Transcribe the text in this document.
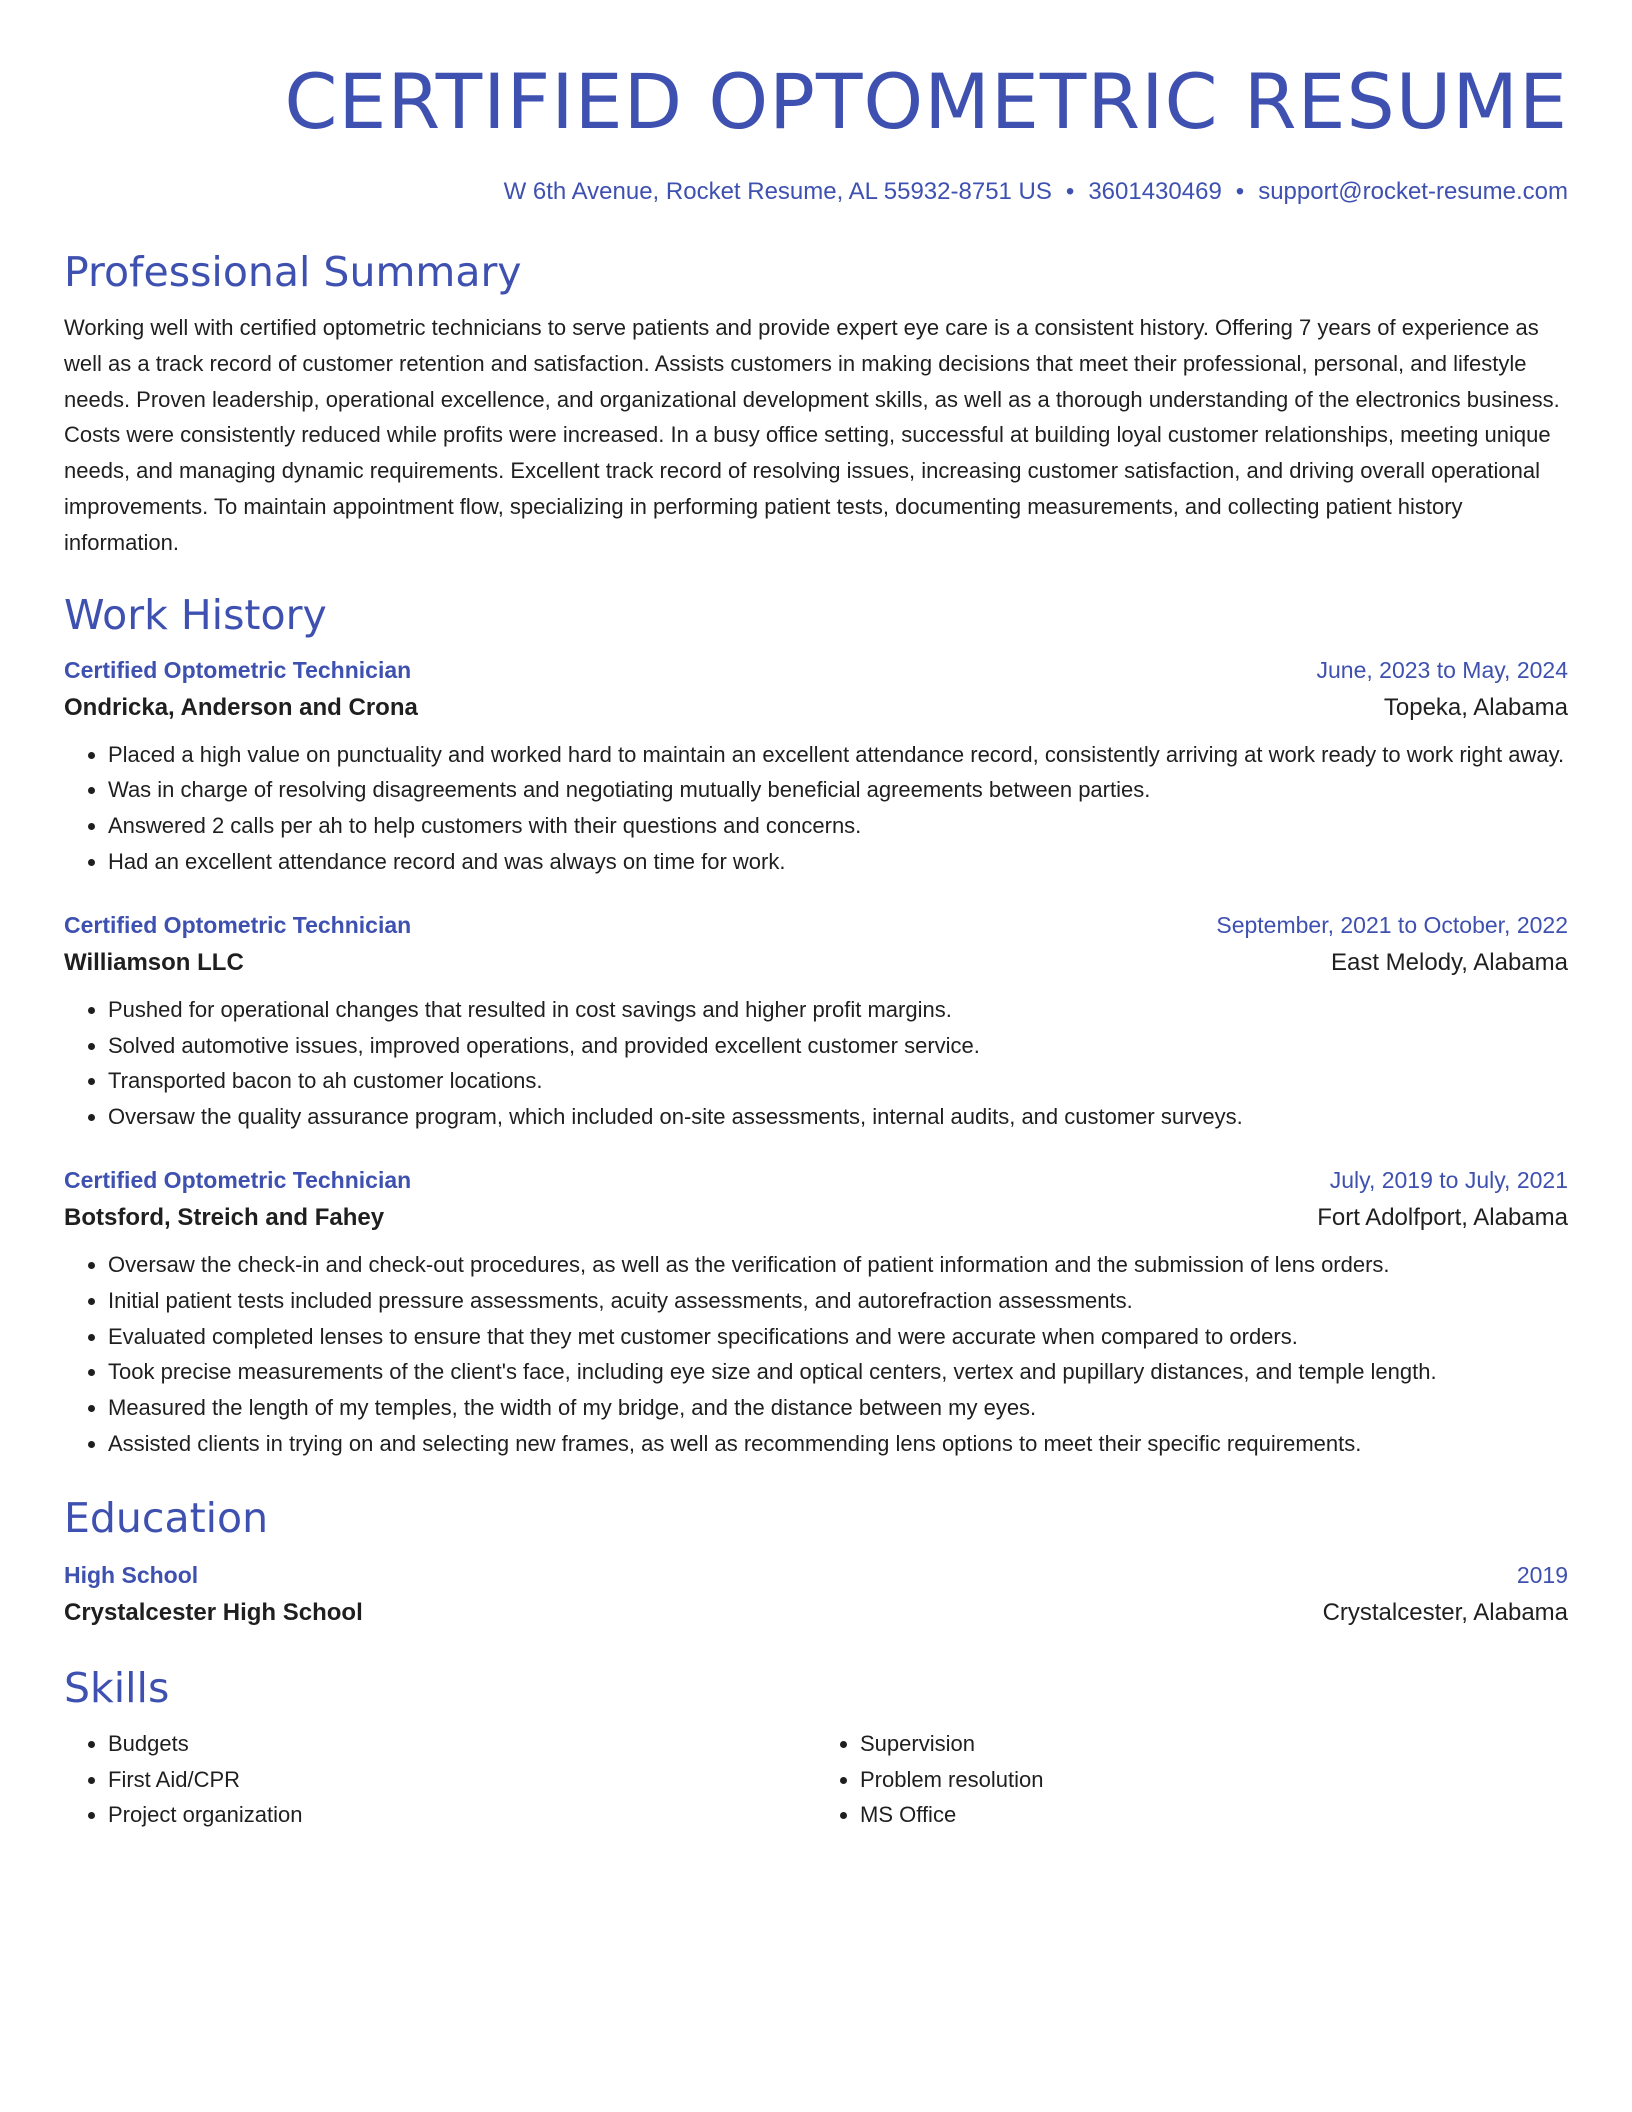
CERTIFIED OPTOMETRIC RESUME
W 6th Avenue, Rocket Resume, AL 55932-8751 US • 3601430469 • support@rocket-resume.com
Professional Summary
Working well with certified optometric technicians to serve patients and provide expert eye care is a consistent history. Offering 7 years of experience as well as a track record of customer retention and satisfaction. Assists customers in making decisions that meet their professional, personal, and lifestyle needs. Proven leadership, operational excellence, and organizational development skills, as well as a thorough understanding of the electronics business. Costs were consistently reduced while profits were increased. In a busy office setting, successful at building loyal customer relationships, meeting unique needs, and managing dynamic requirements. Excellent track record of resolving issues, increasing customer satisfaction, and driving overall operational improvements. To maintain appointment flow, specializing in performing patient tests, documenting measurements, and collecting patient history information.
Work History
Certified Optometric Technician	June, 2023 to May, 2024
Ondricka, Anderson and Crona	Topeka, Alabama
• Placed a high value on punctuality and worked hard to maintain an excellent attendance record, consistently arriving at work ready to work right away.
• Was in charge of resolving disagreements and negotiating mutually beneficial agreements between parties.
• Answered 2 calls per ah to help customers with their questions and concerns.
• Had an excellent attendance record and was always on time for work.
Certified Optometric Technician	September, 2021 to October, 2022
Williamson LLC	East Melody, Alabama
• Pushed for operational changes that resulted in cost savings and higher profit margins.
• Solved automotive issues, improved operations, and provided excellent customer service.
• Transported bacon to ah customer locations.
• Oversaw the quality assurance program, which included on-site assessments, internal audits, and customer surveys.
Certified Optometric Technician	July, 2019 to July, 2021
Botsford, Streich and Fahey	Fort Adolfport, Alabama
• Oversaw the check-in and check-out procedures, as well as the verification of patient information and the submission of lens orders.
• Initial patient tests included pressure assessments, acuity assessments, and autorefraction assessments.
• Evaluated completed lenses to ensure that they met customer specifications and were accurate when compared to orders.
• Took precise measurements of the client's face, including eye size and optical centers, vertex and pupillary distances, and temple length.
• Measured the length of my temples, the width of my bridge, and the distance between my eyes.
• Assisted clients in trying on and selecting new frames, as well as recommending lens options to meet their specific requirements.
Education
High School	2019
Crystalcester High School	Crystalcester, Alabama
Skills
• Budgets
• First Aid/CPR
• Project organization
• Supervision
• Problem resolution
• MS Office
